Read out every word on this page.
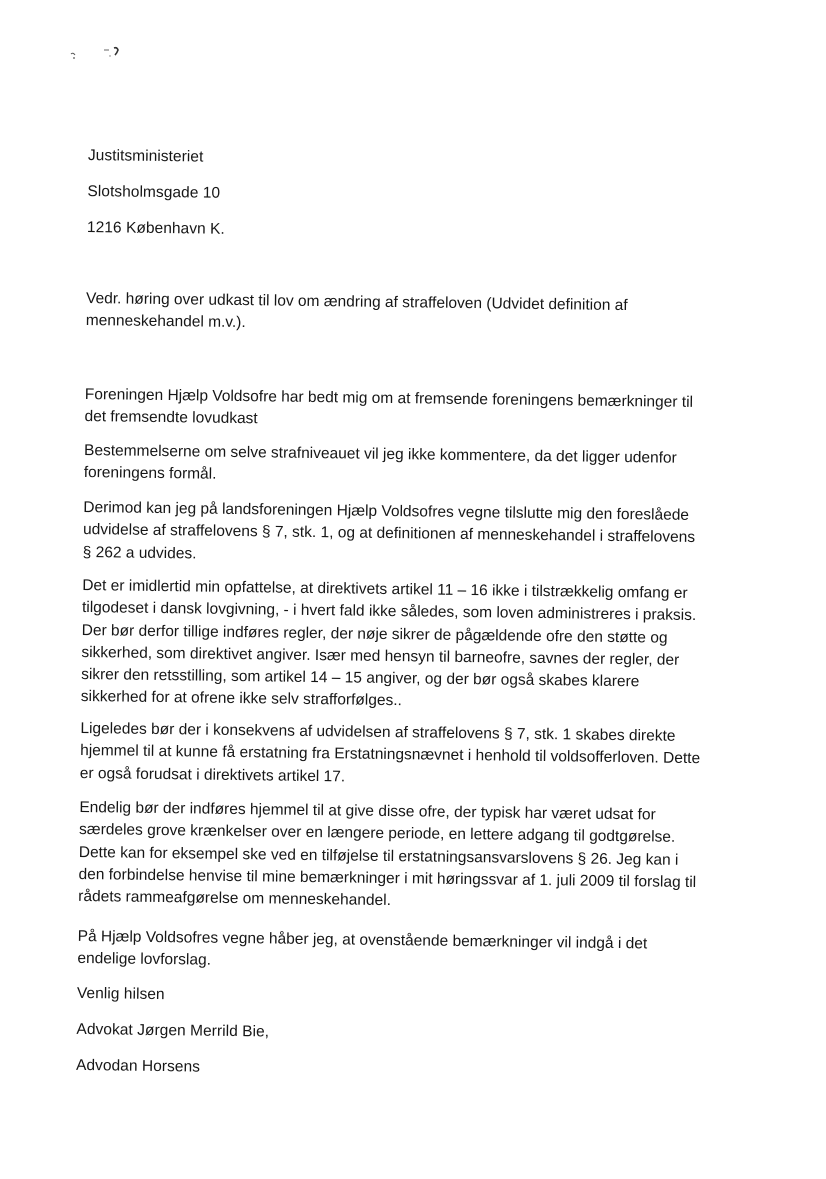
Justitsministeriet
Slotsholmsgade 10
1216 København K.

Vedr. høring over udkast til lov om ændring af straffeloven (Udvidet definition af

menneskehandel m.v.).

Foreningen Hjælp Voldsofre har bedt mig om at fremsende foreningens bemærkninger til

det fremsendte lovudkast

Bestemmelserne om selve strafniveauet vil jeg ikke kommentere, da det ligger udenfor

foreningens formål.

Derimod kan jeg på landsforeningen Hjælp Voldsofres vegne tilslutte mig den foreslåede

udvidelse af straffelovens § 7, stk. 1, og at definitionen af menneskehandel i straffelovens

§ 262 a udvides.

Det er imidlertid min opfattelse, at direktivets artikel 11 – 16 ikke i tilstrækkelig omfang er

tilgodeset i dansk lovgivning, - i hvert fald ikke således, som loven administreres i praksis.

Der bør derfor tillige indføres regler, der nøje sikrer de pågældende ofre den støtte og

sikkerhed, som direktivet angiver. Især med hensyn til barneofre, savnes der regler, der

sikrer den retsstilling, som artikel 14 – 15 angiver, og der bør også skabes klarere

sikkerhed for at ofrene ikke selv strafforfølges..

Ligeledes bør der i konsekvens af udvidelsen af straffelovens § 7, stk. 1 skabes direkte

hjemmel til at kunne få erstatning fra Erstatningsnævnet i henhold til voldsofferloven. Dette

er også forudsat i direktivets artikel 17.

Endelig bør der indføres hjemmel til at give disse ofre, der typisk har været udsat for

særdeles grove krænkelser over en længere periode, en lettere adgang til godtgørelse.

Dette kan for eksempel ske ved en tilføjelse til erstatningsansvarslovens § 26. Jeg kan i

den forbindelse henvise til mine bemærkninger i mit høringssvar af 1. juli 2009 til forslag til

rådets rammeafgørelse om menneskehandel.

På Hjælp Voldsofres vegne håber jeg, at ovenstående bemærkninger vil indgå i det

endelige lovforslag.

Venlig hilsen
Advokat Jørgen Merrild Bie,
Advodan Horsens
